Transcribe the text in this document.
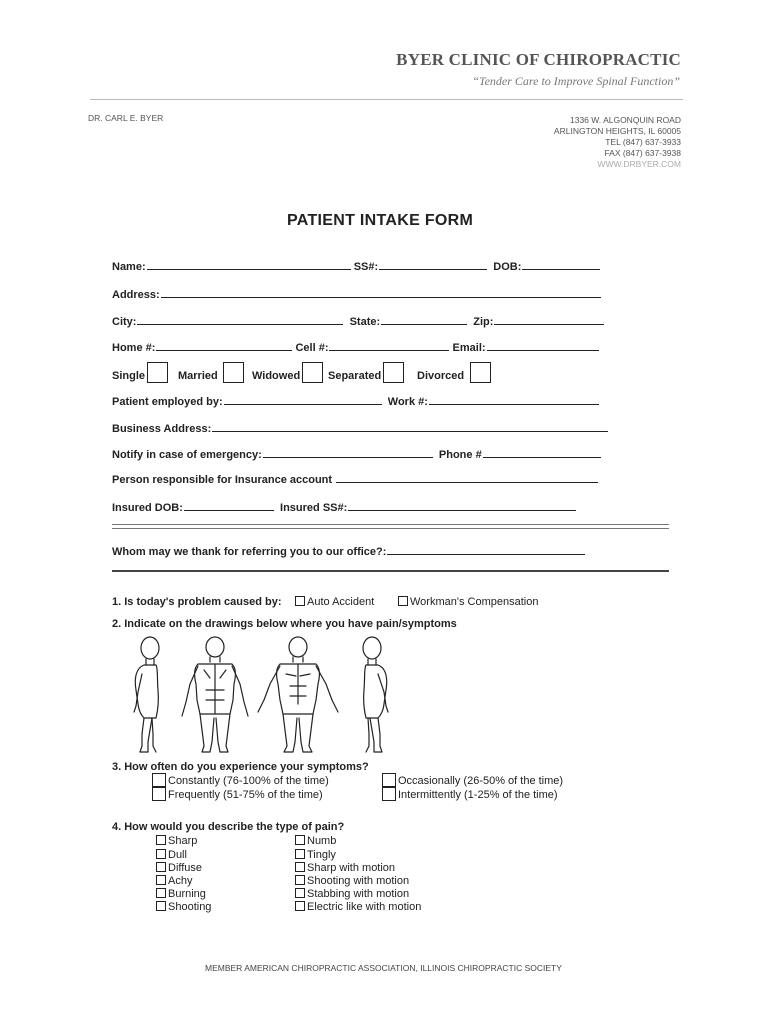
BYER CLINIC OF CHIROPRACTIC
“Tender Care to Improve Spinal Function”
DR. CARL E. BYER	1336 W. ALGONQUIN ROAD
ARLINGTON HEIGHTS, IL 60005
TEL (847) 637-3933
FAX (847) 637-3938
WWW.DRBYER.COM
PATIENT INTAKE FORM
Name:	SS#:	DOB:
Address:
City:	State:	Zip:
Home #:	Cell #:	Email:
Single	Married	Widowed	Separated	Divorced
Patient employed by:	Work #:
Business Address:
Notify in case of emergency:	Phone #
Person responsible for Insurance account
Insured DOB:	Insured SS#:
Whom may we thank for referring you to our office?:
1. Is today's problem caused by:	Auto Accident	Workman's Compensation
2. Indicate on the drawings below where you have pain/symptoms
3. How often do you experience your symptoms?
Constantly (76-100% of the time)
Frequently (51-75% of the time)
Occasionally (26-50% of the time)
Intermittently (1-25% of the time)
4. How would you describe the type of pain?
Sharp
Dull
Diffuse
Achy
Burning
Shooting
Numb
Tingly
Sharp with motion
Shooting with motion
Stabbing with motion
Electric like with motion
MEMBER AMERICAN CHIROPRACTIC ASSOCIATION, ILLINOIS CHIROPRACTIC SOCIETY
